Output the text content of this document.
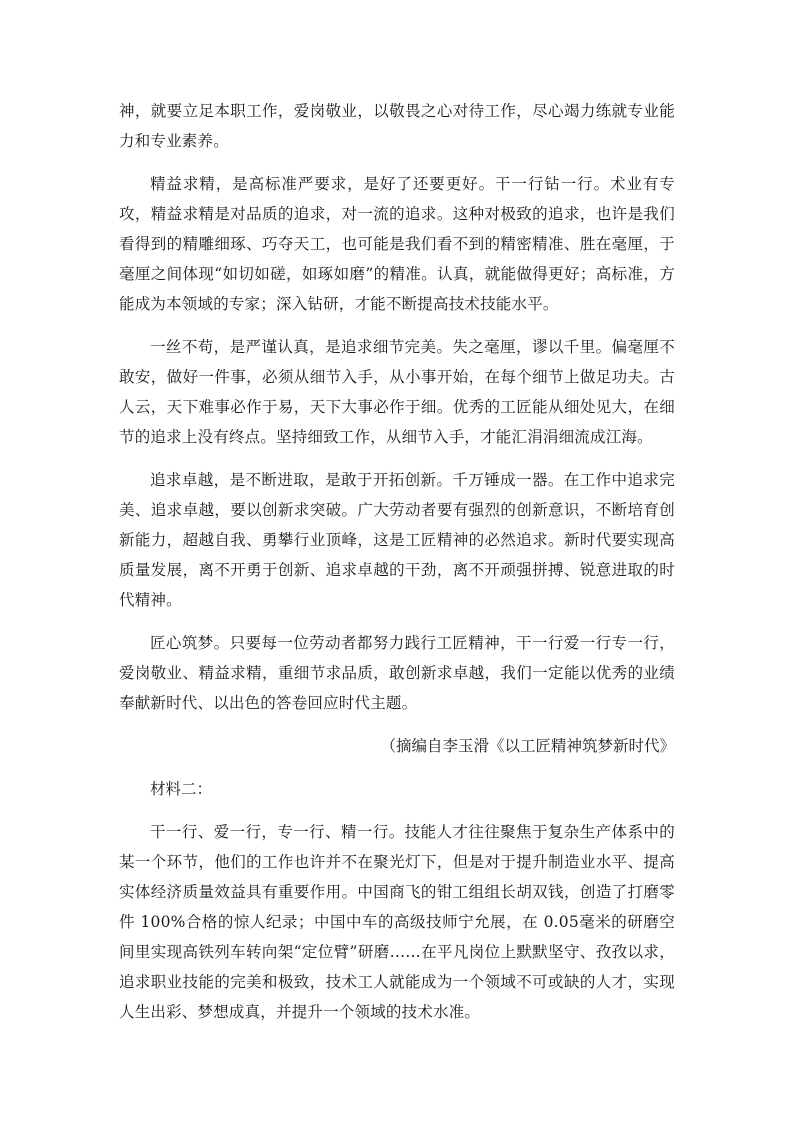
神，就要立足本职工作，爱岗敬业，以敬畏之心对待工作，尽心竭力练就专业能力和专业素养。

精益求精，是高标准严要求，是好了还要更好。干一行钻一行。术业有专攻，精益求精是对品质的追求，对一流的追求。这种对极致的追求，也许是我们看得到的精雕细琢、巧夺天工，也可能是我们看不到的精密精准、胜在毫厘，于毫厘之间体现“如切如磋，如琢如磨”的精准。认真，就能做得更好；高标准，方能成为本领域的专家；深入钻研，才能不断提高技术技能水平。

一丝不苟，是严谨认真，是追求细节完美。失之毫厘，谬以千里。偏毫厘不敢安，做好一件事，必须从细节入手，从小事开始，在每个细节上做足功夫。古人云，天下难事必作于易，天下大事必作于细。优秀的工匠能从细处见大，在细节的追求上没有终点。坚持细致工作，从细节入手，才能汇涓涓细流成江海。

追求卓越，是不断进取，是敢于开拓创新。千万锤成一器。在工作中追求完美、追求卓越，要以创新求突破。广大劳动者要有强烈的创新意识，不断培育创新能力，超越自我、勇攀行业顶峰，这是工匠精神的必然追求。新时代要实现高质量发展，离不开勇于创新、追求卓越的干劲，离不开顽强拼搏、锐意进取的时代精神。

匠心筑梦。只要每一位劳动者都努力践行工匠精神，干一行爱一行专一行，爱岗敬业、精益求精，重细节求品质，敢创新求卓越，我们一定能以优秀的业绩奉献新时代、以出色的答卷回应时代主题。

（摘编自李玉滑《以工匠精神筑梦新时代》

材料二：

干一行、爱一行，专一行、精一行。技能人才往往聚焦于复杂生产体系中的某一个环节，他们的工作也许并不在聚光灯下，但是对于提升制造业水平、提高实体经济质量效益具有重要作用。中国商飞的钳工组组长胡双钱，创造了打磨零件 100%合格的惊人纪录；中国中车的高级技师宁允展，在 0.05毫米的研磨空间里实现高铁列车转向架“定位臂”研磨……在平凡岗位上默默坚守、孜孜以求，追求职业技能的完美和极致，技术工人就能成为一个领域不可或缺的人才，实现人生出彩、梦想成真，并提升一个领域的技术水准。
